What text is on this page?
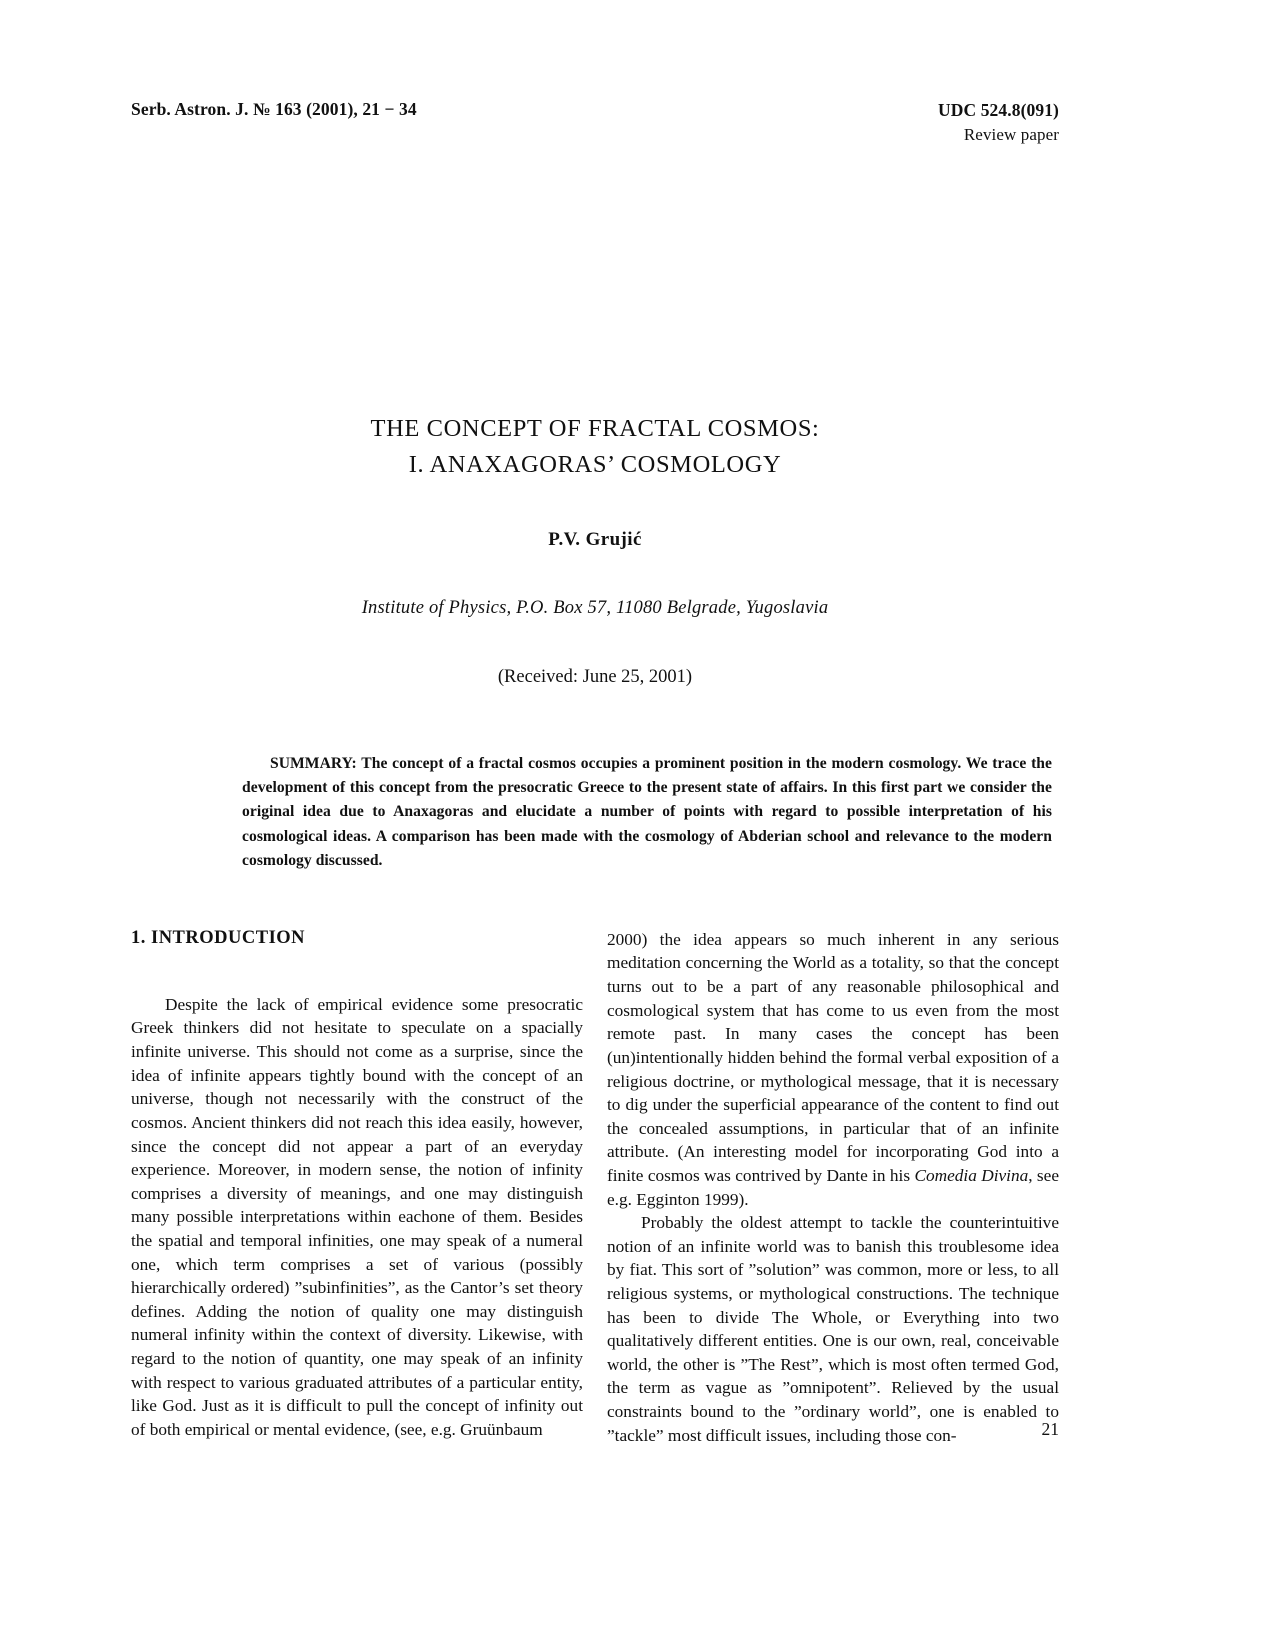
Serb. Astron. J. № 163 (2001), 21 − 34	UDC 524.8(091)
Review paper
THE CONCEPT OF FRACTAL COSMOS:
I. ANAXAGORAS’ COSMOLOGY
P.V. Grujić
Institute of Physics, P.O. Box 57, 11080 Belgrade, Yugoslavia
(Received: June 25, 2001)
SUMMARY: The concept of a fractal cosmos occupies a prominent position in the modern cosmology. We trace the development of this concept from the presocratic Greece to the present state of affairs. In this first part we consider the original idea due to Anaxagoras and elucidate a number of points with regard to possible interpretation of his cosmological ideas. A comparison has been made with the cosmology of Abderian school and relevance to the modern cosmology discussed.
1. INTRODUCTION

Despite the lack of empirical evidence some presocratic Greek thinkers did not hesitate to speculate on a spacially infinite universe. This should not come as a surprise, since the idea of infinite appears tightly bound with the concept of an universe, though not necessarily with the construct of the cosmos. Ancient thinkers did not reach this idea easily, however, since the concept did not appear a part of an everyday experience. Moreover, in modern sense, the notion of infinity comprises a diversity of meanings, and one may distinguish many possible interpretations within eachone of them. Besides the spatial and temporal infinities, one may speak of a numeral one, which term comprises a set of various (possibly hierarchically ordered) ”subinfinities”, as the Cantor’s set theory defines. Adding the notion of quality one may distinguish numeral infinity within the context of diversity. Likewise, with regard to the notion of quantity, one may speak of an infinity with respect to various graduated attributes of a particular entity, like God. Just as it is difficult to pull the concept of infinity out of both empirical or mental evidence, (see, e.g. Gruünbaum

2000) the idea appears so much inherent in any serious meditation concerning the World as a totality, so that the concept turns out to be a part of any reasonable philosophical and cosmological system that has come to us even from the most remote past. In many cases the concept has been (un)intentionally hidden behind the formal verbal exposition of a religious doctrine, or mythological message, that it is necessary to dig under the superficial appearance of the content to find out the concealed assumptions, in particular that of an infinite attribute. (An interesting model for incorporating God into a finite cosmos was contrived by Dante in his Comedia Divina, see e.g. Egginton 1999).

Probably the oldest attempt to tackle the counterintuitive notion of an infinite world was to banish this troublesome idea by fiat. This sort of ”solution” was common, more or less, to all religious systems, or mythological constructions. The technique has been to divide The Whole, or Everything into two qualitatively different entities. One is our own, real, conceivable world, the other is ”The Rest”, which is most often termed God, the term as vague as ”omnipotent”. Relieved by the usual constraints bound to the ”ordinary world”, one is enabled to ”tackle” most difficult issues, including those con-	21
